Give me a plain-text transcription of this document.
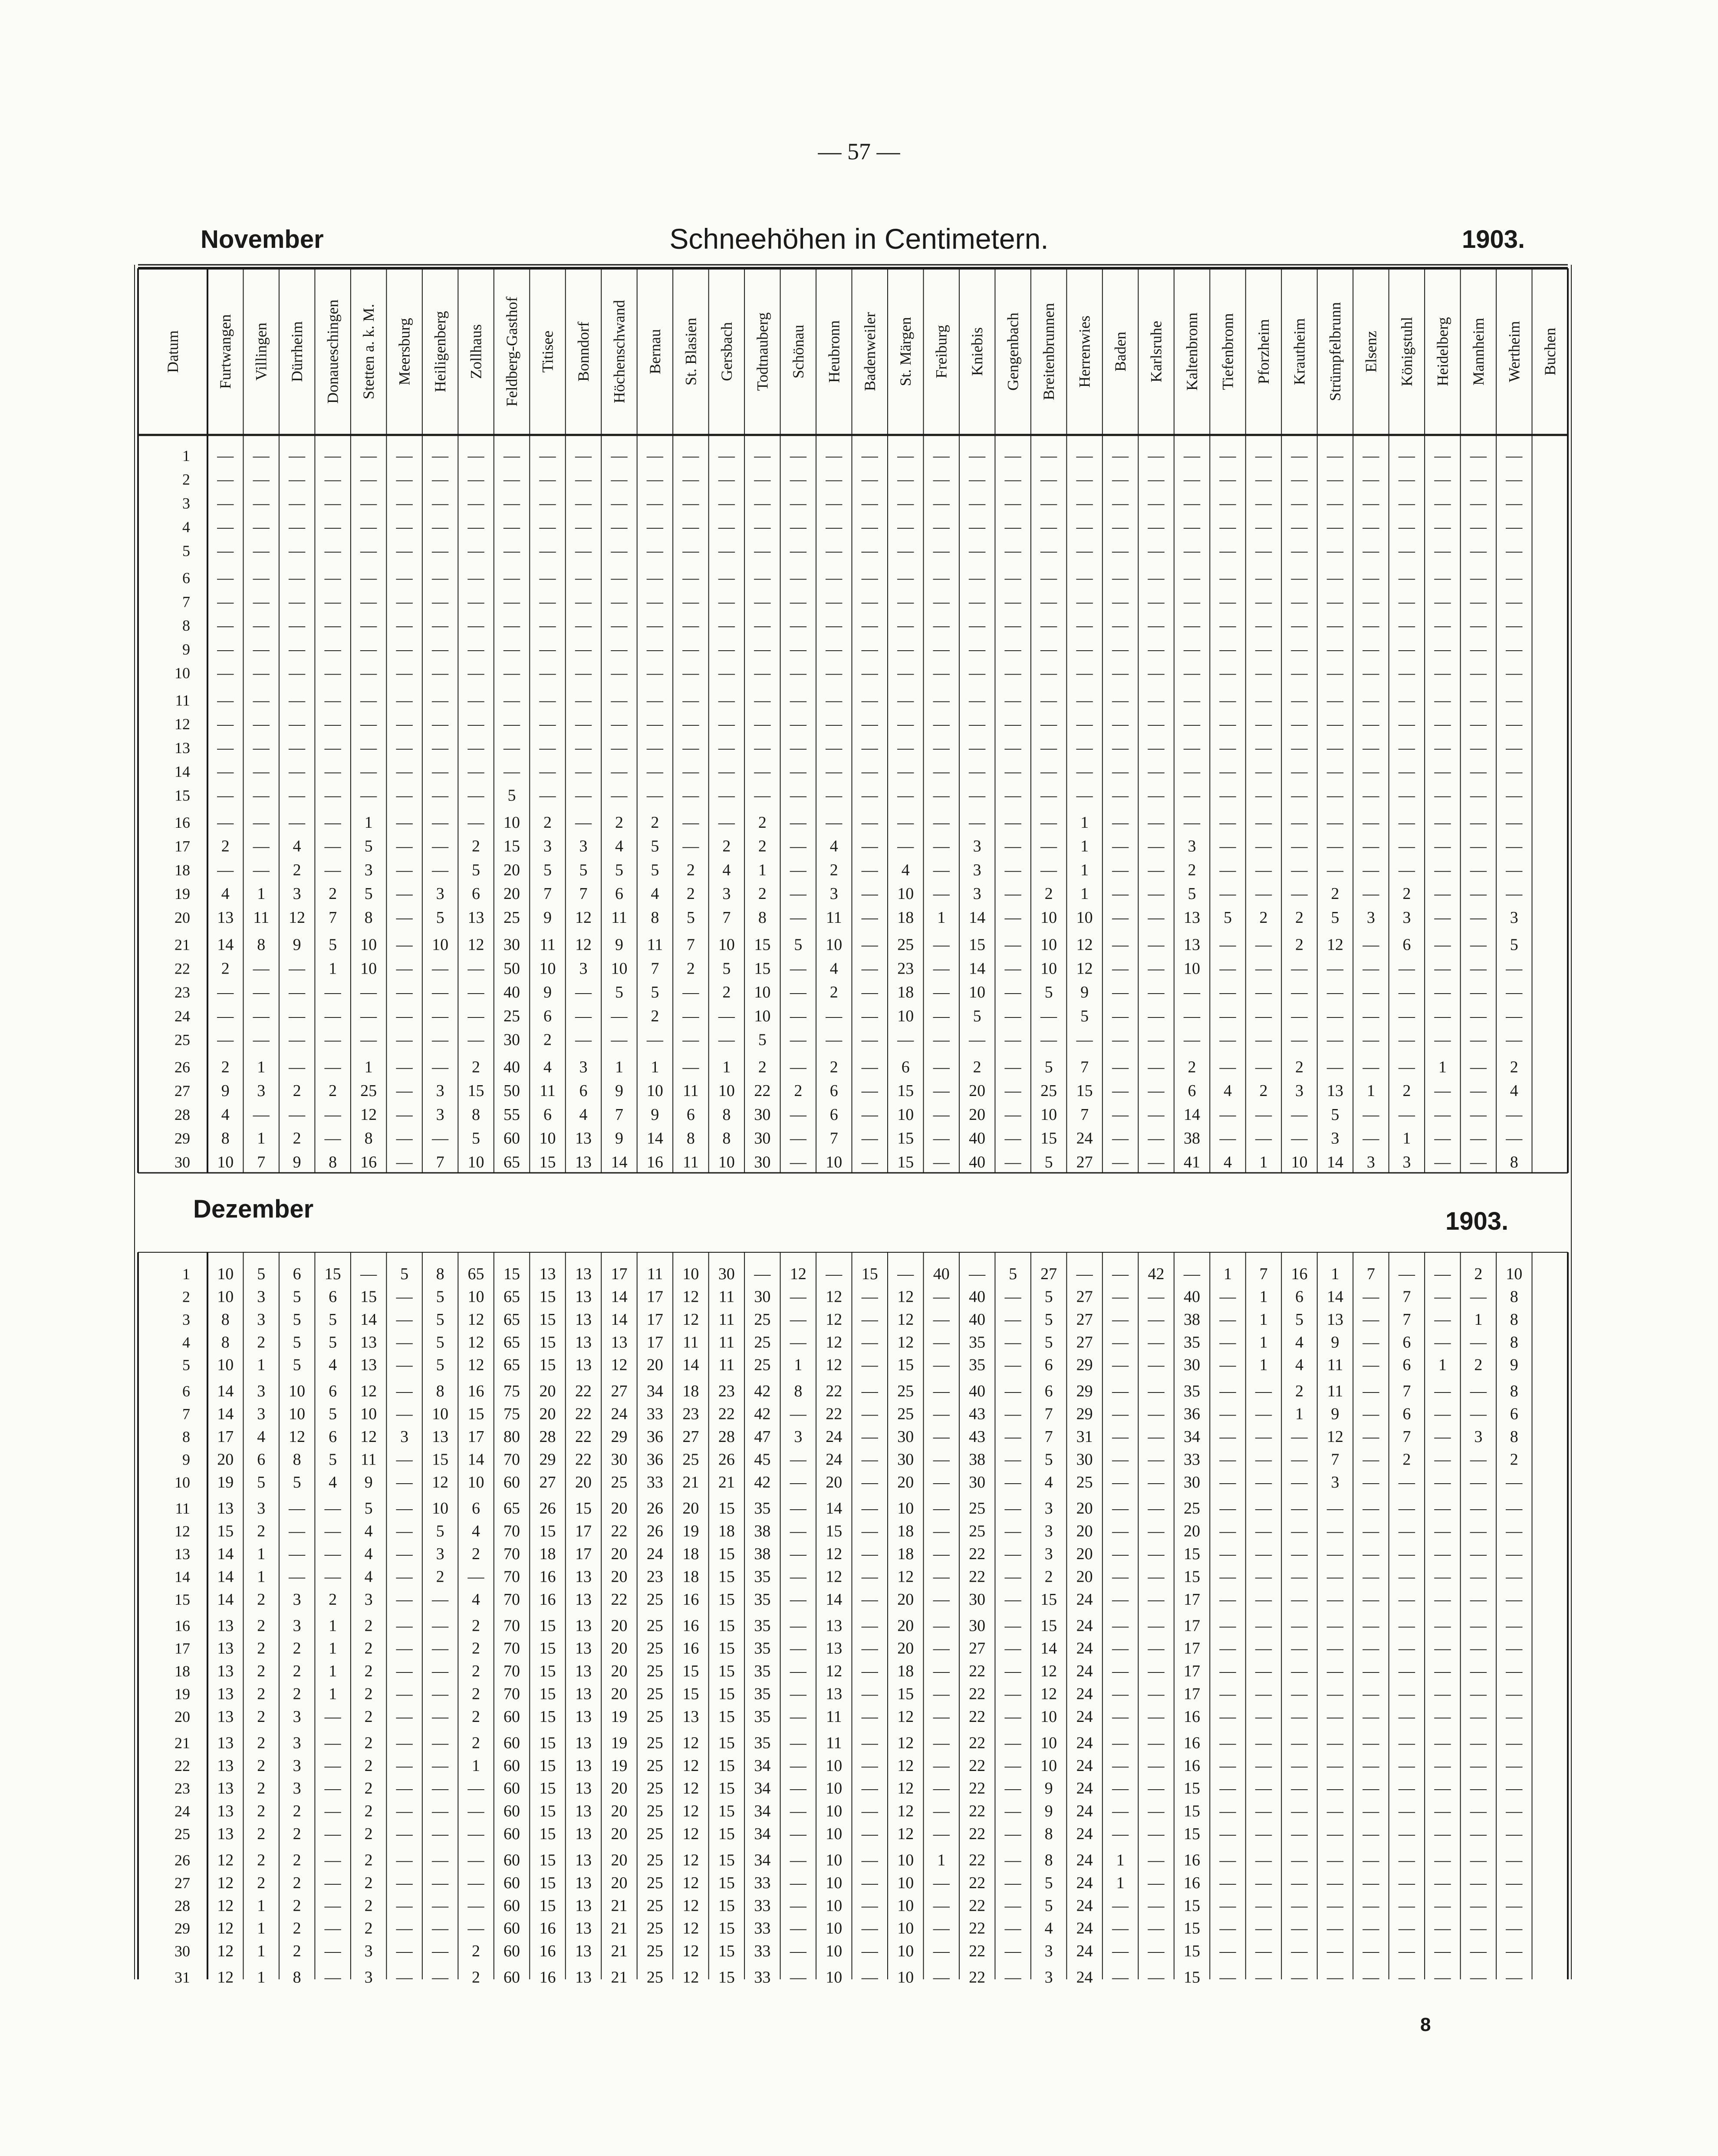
— 57 —
November	Schneehöhen in Centimetern.	1903.
Dezember	1903.
8
Datum Furtwangen Villingen Dürrheim Donaueschingen Stetten a. k. M. Meersburg Heiligenberg Zollhaus Feldberg-Gasthof Titisee Bonndorf Höchenschwand Bernau St. Blasien Gersbach Todtnauberg Schönau Heubronn Badenweiler St. Märgen Freiburg Kniebis Gengenbach Breitenbrunnen Herrenwies Baden Karlsruhe Kaltenbronn Tiefenbronn Pforzheim Krautheim Strümpfelbrunn Elsenz Königstuhl Heidelberg Mannheim Wertheim Buchen
1 — — — — — — — — — — — — — — — — — — — — — — — — — — — — — — — — — — — — —
2 — — — — — — — — — — — — — — — — — — — — — — — — — — — — — — — — — — — — —
3 — — — — — — — — — — — — — — — — — — — — — — — — — — — — — — — — — — — — —
4 — — — — — — — — — — — — — — — — — — — — — — — — — — — — — — — — — — — — —
5 — — — — — — — — — — — — — — — — — — — — — — — — — — — — — — — — — — — — —
6 — — — — — — — — — — — — — — — — — — — — — — — — — — — — — — — — — — — — —
7 — — — — — — — — — — — — — — — — — — — — — — — — — — — — — — — — — — — — —
8 — — — — — — — — — — — — — — — — — — — — — — — — — — — — — — — — — — — — —
9 — — — — — — — — — — — — — — — — — — — — — — — — — — — — — — — — — — — — —
10 — — — — — — — — — — — — — — — — — — — — — — — — — — — — — — — — — — — — —
11 — — — — — — — — — — — — — — — — — — — — — — — — — — — — — — — — — — — — —
12 — — — — — — — — — — — — — — — — — — — — — — — — — — — — — — — — — — — — —
13 — — — — — — — — — — — — — — — — — — — — — — — — — — — — — — — — — — — — —
14 — — — — — — — — — — — — — — — — — — — — — — — — — — — — — — — — — — — — —
15 — — — — — — — — 5 — — — — — — — — — — — — — — — — — — — — — — — — — — — —
16 — — — — 1 — — — 10 2 — 2 2 — — 2 — — — — — — — — 1 — — — — — — — — — — — —
17 2 — 4 — 5 — — 2 15 3 3 4 5 — 2 2 — 4 — — — 3 — — 1 — — 3 — — — — — — — — —
18 — — 2 — 3 — — 5 20 5 5 5 5 2 4 1 — 2 — 4 — 3 — — 1 — — 2 — — — — — — — — —
19 4 1 3 2 5 — 3 6 20 7 7 6 4 2 3 2 — 3 — 10 — 3 — 2 1 — — 5 — — — 2 — 2 — — —
20 13 11 12 7 8 — 5 13 25 9 12 11 8 5 7 8 — 11 — 18 1 14 — 10 10 — — 13 5 2 2 5 3 3 — — 3
21 14 8 9 5 10 — 10 12 30 11 12 9 11 7 10 15 5 10 — 25 — 15 — 10 12 — — 13 — — 2 12 — 6 — — 5
22 2 — — 1 10 — — — 50 10 3 10 7 2 5 15 — 4 — 23 — 14 — 10 12 — — 10 — — — — — — — — —
23 — — — — — — — — 40 9 — 5 5 — 2 10 — 2 — 18 — 10 — 5 9 — — — — — — — — — — — —
24 — — — — — — — — 25 6 — — 2 — — 10 — — — 10 — 5 — — 5 — — — — — — — — — — — —
25 — — — — — — — — 30 2 — — — — — 5 — — — — — — — — — — — — — — — — — — — — —
26 2 1 — — 1 — — 2 40 4 3 1 1 — 1 2 — 2 — 6 — 2 — 5 7 — — 2 — — 2 — — — 1 — 2
27 9 3 2 2 25 — 3 15 50 11 6 9 10 11 10 22 2 6 — 15 — 20 — 25 15 — — 6 4 2 3 13 1 2 — — 4
28 4 — — — 12 — 3 8 55 6 4 7 9 6 8 30 — 6 — 10 — 20 — 10 7 — — 14 — — — 5 — — — — —
29 8 1 2 — 8 — — 5 60 10 13 9 14 8 8 30 — 7 — 15 — 40 — 15 24 — — 38 — — — 3 — 1 — — —
30 10 7 9 8 16 — 7 10 65 15 13 14 16 11 10 30 — 10 — 15 — 40 — 5 27 — — 41 4 1 10 14 3 3 — — 8
1 10 5 6 15 — 5 8 65 15 13 13 17 11 10 30 — 12 — 15 — 40 — 5 27 — — 42 — 1 7 16 1 7 — — 2 10
2 10 3 5 6 15 — 5 10 65 15 13 14 17 12 11 30 — 12 — 12 — 40 — 5 27 — — 40 — 1 6 14 — 7 — — 8
3 8 3 5 5 14 — 5 12 65 15 13 14 17 12 11 25 — 12 — 12 — 40 — 5 27 — — 38 — 1 5 13 — 7 — 1 8
4 8 2 5 5 13 — 5 12 65 15 13 13 17 11 11 25 — 12 — 12 — 35 — 5 27 — — 35 — 1 4 9 — 6 — — 8
5 10 1 5 4 13 — 5 12 65 15 13 12 20 14 11 25 1 12 — 15 — 35 — 6 29 — — 30 — 1 4 11 — 6 1 2 9
6 14 3 10 6 12 — 8 16 75 20 22 27 34 18 23 42 8 22 — 25 — 40 — 6 29 — — 35 — — 2 11 — 7 — — 8
7 14 3 10 5 10 — 10 15 75 20 22 24 33 23 22 42 — 22 — 25 — 43 — 7 29 — — 36 — — 1 9 — 6 — — 6
8 17 4 12 6 12 3 13 17 80 28 22 29 36 27 28 47 3 24 — 30 — 43 — 7 31 — — 34 — — — 12 — 7 — 3 8
9 20 6 8 5 11 — 15 14 70 29 22 30 36 25 26 45 — 24 — 30 — 38 — 5 30 — — 33 — — — 7 — 2 — — 2
10 19 5 5 4 9 — 12 10 60 27 20 25 33 21 21 42 — 20 — 20 — 30 — 4 25 — — 30 — — — 3 — — — — —
11 13 3 — — 5 — 10 6 65 26 15 20 26 20 15 35 — 14 — 10 — 25 — 3 20 — — 25 — — — — — — — — —
12 15 2 — — 4 — 5 4 70 15 17 22 26 19 18 38 — 15 — 18 — 25 — 3 20 — — 20 — — — — — — — — —
13 14 1 — — 4 — 3 2 70 18 17 20 24 18 15 38 — 12 — 18 — 22 — 3 20 — — 15 — — — — — — — — —
14 14 1 — — 4 — 2 — 70 16 13 20 23 18 15 35 — 12 — 12 — 22 — 2 20 — — 15 — — — — — — — — —
15 14 2 3 2 3 — — 4 70 16 13 22 25 16 15 35 — 14 — 20 — 30 — 15 24 — — 17 — — — — — — — — —
16 13 2 3 1 2 — — 2 70 15 13 20 25 16 15 35 — 13 — 20 — 30 — 15 24 — — 17 — — — — — — — — —
17 13 2 2 1 2 — — 2 70 15 13 20 25 16 15 35 — 13 — 20 — 27 — 14 24 — — 17 — — — — — — — — —
18 13 2 2 1 2 — — 2 70 15 13 20 25 15 15 35 — 12 — 18 — 22 — 12 24 — — 17 — — — — — — — — —
19 13 2 2 1 2 — — 2 70 15 13 20 25 15 15 35 — 13 — 15 — 22 — 12 24 — — 17 — — — — — — — — —
20 13 2 3 — 2 — — 2 60 15 13 19 25 13 15 35 — 11 — 12 — 22 — 10 24 — — 16 — — — — — — — — —
21 13 2 3 — 2 — — 2 60 15 13 19 25 12 15 35 — 11 — 12 — 22 — 10 24 — — 16 — — — — — — — — —
22 13 2 3 — 2 — — 1 60 15 13 19 25 12 15 34 — 10 — 12 — 22 — 10 24 — — 16 — — — — — — — — —
23 13 2 3 — 2 — — — 60 15 13 20 25 12 15 34 — 10 — 12 — 22 — 9 24 — — 15 — — — — — — — — —
24 13 2 2 — 2 — — — 60 15 13 20 25 12 15 34 — 10 — 12 — 22 — 9 24 — — 15 — — — — — — — — —
25 13 2 2 — 2 — — — 60 15 13 20 25 12 15 34 — 10 — 12 — 22 — 8 24 — — 15 — — — — — — — — —
26 12 2 2 — 2 — — — 60 15 13 20 25 12 15 34 — 10 — 10 1 22 — 8 24 1 — 16 — — — — — — — — —
27 12 2 2 — 2 — — — 60 15 13 20 25 12 15 33 — 10 — 10 — 22 — 5 24 1 — 16 — — — — — — — — —
28 12 1 2 — 2 — — — 60 15 13 21 25 12 15 33 — 10 — 10 — 22 — 5 24 — — 15 — — — — — — — — —
29 12 1 2 — 2 — — — 60 16 13 21 25 12 15 33 — 10 — 10 — 22 — 4 24 — — 15 — — — — — — — — —
30 12 1 2 — 3 — — 2 60 16 13 21 25 12 15 33 — 10 — 10 — 22 — 3 24 — — 15 — — — — — — — — —
31 12 1 8 — 3 — — 2 60 16 13 21 25 12 15 33 — 10 — 10 — 22 — 3 24 — — 15 — — — — — — — — —
